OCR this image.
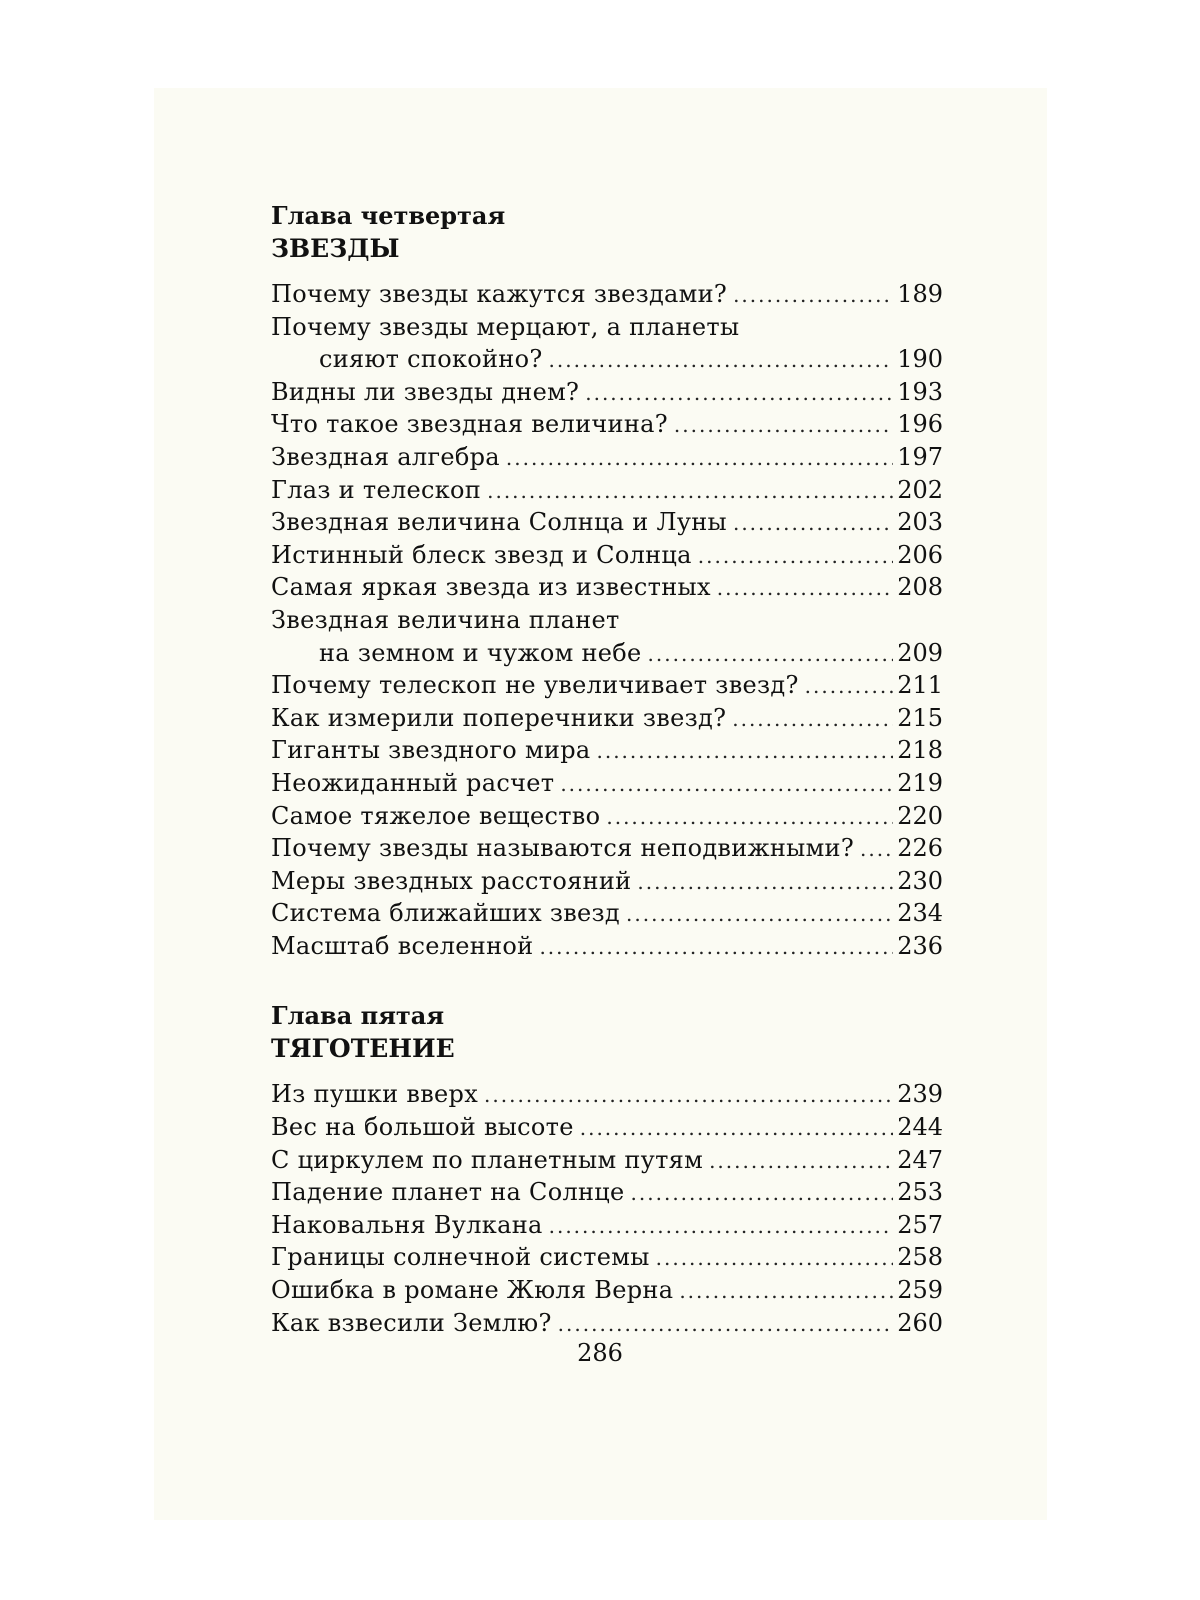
Глава четвертая
ЗВЕЗДЫ
Почему звезды кажутся звездами? .....	189
Почему звезды мерцают, а планеты
сияют спокойно? .....	190
Видны ли звезды днем? .....	193
Что такое звездная величина? .....	196
Звездная алгебра .....	197
Глаз и телескоп .....	202
Звездная величина Солнца и Луны .....	203
Истинный блеск звезд и Солнца .....	206
Самая яркая звезда из известных .....	208
Звездная величина планет
на земном и чужом небе .....	209
Почему телескоп не увеличивает звезд? .....	211
Как измерили поперечники звезд? .....	215
Гиганты звездного мира .....	218
Неожиданный расчет .....	219
Самое тяжелое вещество .....	220
Почему звезды называются неподвижными? ..... 226
Меры звездных расстояний .....	230
Система ближайших звезд .....	234
Масштаб вселенной .....	236
Глава пятая
ТЯГОТЕНИЕ
Из пушки вверх .....	239
Вес на большой высоте .....	244
С циркулем по планетным путям .....	247
Падение планет на Солнце .....	253
Наковальня Вулкана .....	257
Границы солнечной системы .....	258
Ошибка в романе Жюля Верна .....	259
Как взвесили Землю? .....	260
286
